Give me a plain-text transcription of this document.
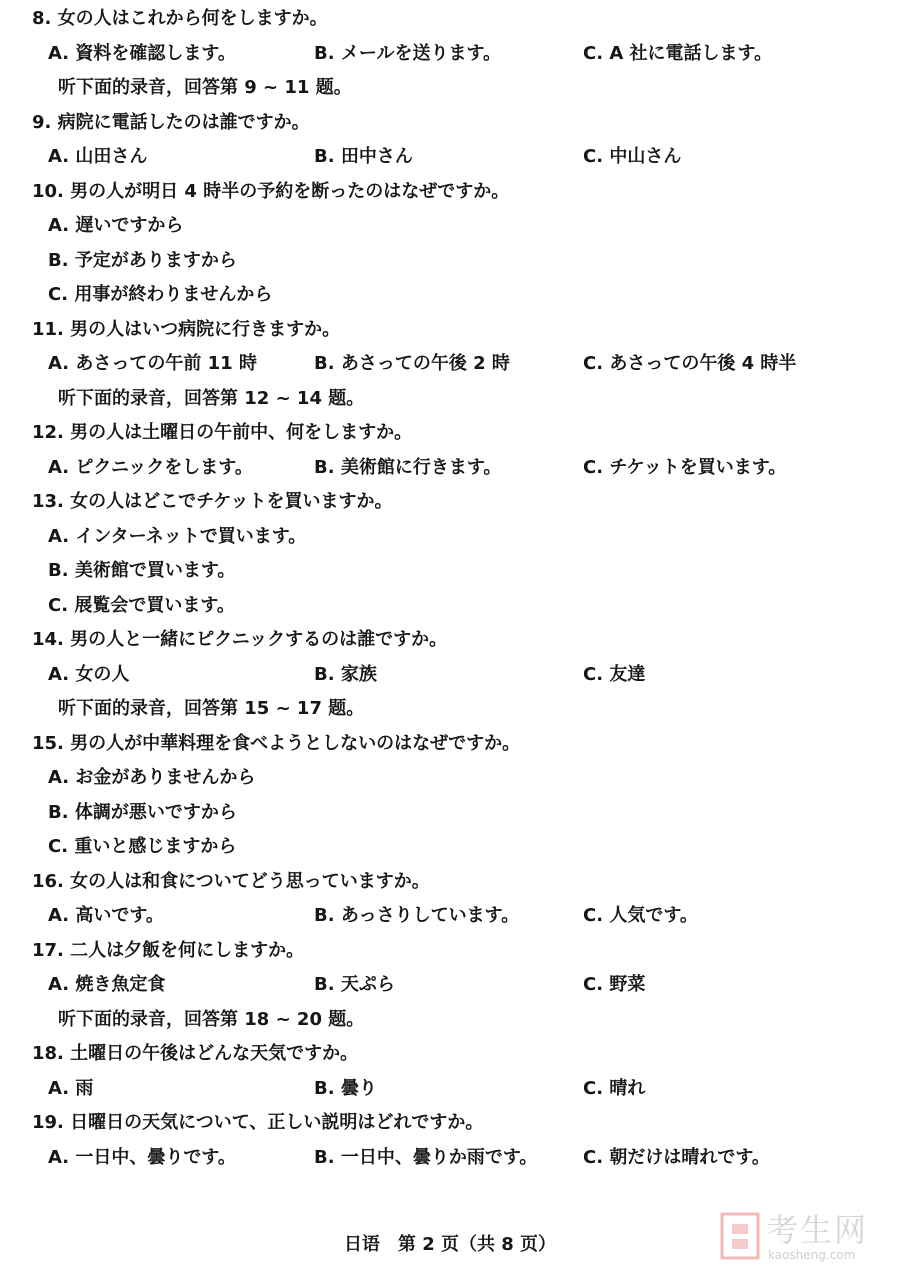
8. 女の人はこれから何をしますか。
A. 資料を確認します。	B. メールを送ります。	C. A 社に電話します。
听下面的录音，回答第 9 ~ 11 题。
9. 病院に電話したのは誰ですか。
A. 山田さん	B. 田中さん	C. 中山さん
10. 男の人が明日 4 時半の予約を断ったのはなぜですか。
A. 遅いですから
B. 予定がありますから
C. 用事が終わりませんから
11. 男の人はいつ病院に行きますか。
A. あさっての午前 11 時	B. あさっての午後 2 時	C. あさっての午後 4 時半
听下面的录音，回答第 12 ~ 14 题。
12. 男の人は土曜日の午前中、何をしますか。
A. ピクニックをします。	B. 美術館に行きます。	C. チケットを買います。
13. 女の人はどこでチケットを買いますか。
A. インターネットで買います。
B. 美術館で買います。
C. 展覧会で買います。
14. 男の人と一緒にピクニックするのは誰ですか。
A. 女の人	B. 家族	C. 友達
听下面的录音，回答第 15 ~ 17 题。
15. 男の人が中華料理を食べようとしないのはなぜですか。
A. お金がありませんから
B. 体調が悪いですから
C. 重いと感じますから
16. 女の人は和食についてどう思っていますか。
A. 高いです。	B. あっさりしています。	C. 人気です。
17. 二人は夕飯を何にしますか。
A. 焼き魚定食	B. 天ぷら	C. 野菜
听下面的录音，回答第 18 ~ 20 题。
18. 土曜日の午後はどんな天気ですか。
A. 雨	B. 曇り	C. 晴れ
19. 日曜日の天気について、正しい説明はどれですか。
A. 一日中、曇りです。	B. 一日中、曇りか雨です。	C. 朝だけは晴れです。
日语　第 2 页（共 8 页）	考生网
kaosheng.com
